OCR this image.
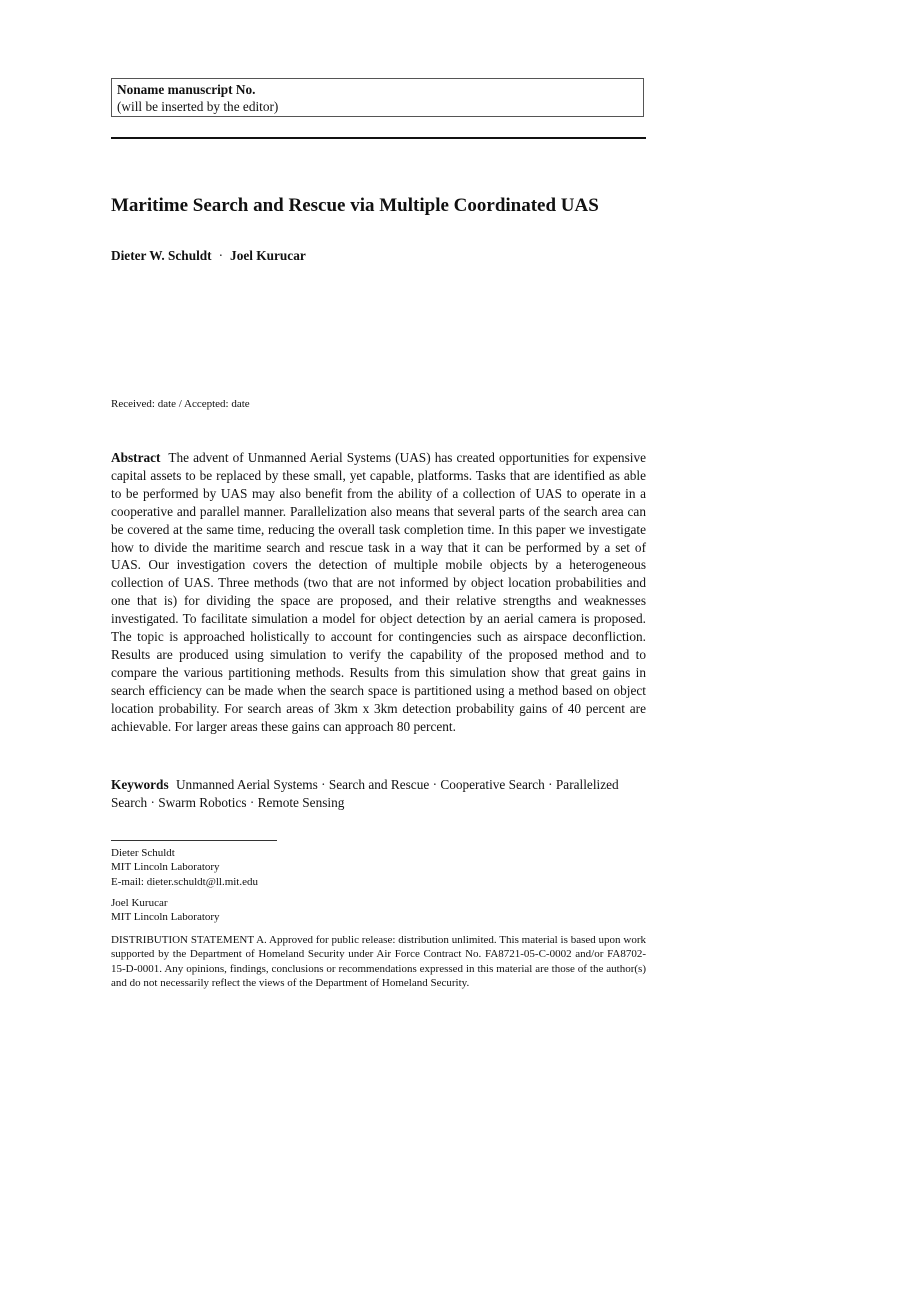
Noname manuscript No.
(will be inserted by the editor)
Maritime Search and Rescue via Multiple Coordinated UAS
Dieter W. Schuldt · Joel Kurucar
Received: date / Accepted: date

Abstract The advent of Unmanned Aerial Systems (UAS) has created opportunities for expensive capital assets to be replaced by these small, yet capable, platforms. Tasks that are identified as able to be performed by UAS may also benefit from the ability of a collection of UAS to operate in a cooperative and parallel manner. Parallelization also means that several parts of the search area can be covered at the same time, reducing the overall task completion time. In this paper we investigate how to divide the maritime search and rescue task in a way that it can be performed by a set of UAS. Our investigation covers the detection of multiple mobile objects by a heterogeneous collection of UAS. Three methods (two that are not informed by object location probabilities and one that is) for dividing the space are proposed, and their relative strengths and weaknesses investigated. To facilitate simulation a model for object detection by an aerial camera is proposed. The topic is approached holistically to account for contingencies such as airspace deconfliction. Results are produced using simulation to verify the capability of the proposed method and to compare the various partitioning methods. Results from this simulation show that great gains in search efficiency can be made when the search space is partitioned using a method based on object location probability. For search areas of 3km x 3km detection probability gains of 40 percent are achievable. For larger areas these gains can approach 80 percent.

Keywords Unmanned Aerial Systems · Search and Rescue · Cooperative Search · Parallelized Search · Swarm Robotics · Remote Sensing

Dieter Schuldt
MIT Lincoln Laboratory
E-mail: dieter.schuldt@ll.mit.edu
Joel Kurucar
MIT Lincoln Laboratory

DISTRIBUTION STATEMENT A. Approved for public release: distribution unlimited. This material is based upon work supported by the Department of Homeland Security under Air Force Contract No. FA8721-05-C-0002 and/or FA8702-15-D-0001. Any opinions, findings, conclusions or recommendations expressed in this material are those of the author(s) and do not necessarily reflect the views of the Department of Homeland Security.
